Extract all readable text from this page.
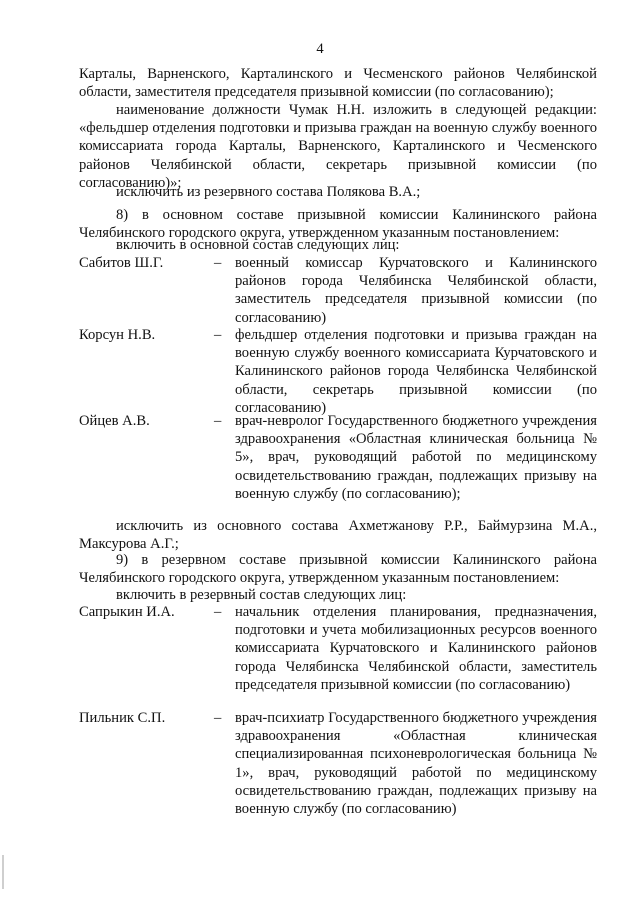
4

Карталы, Варненского, Карталинского и Чесменского районов Челябинской области, заместителя председателя призывной комиссии (по согласованию);

наименование должности Чумак Н.Н. изложить в следующей редакции: «фельдшер отделения подготовки и призыва граждан на военную службу военного комиссариата города Карталы, Варненского, Карталинского и Чесменского районов Челябинской области, секретарь призывной комиссии (по согласованию)»;

исключить из резервного состава Полякова В.А.;

8) в основном составе призывной комиссии Калининского района Челябинского городского округа, утвержденном указанным постановлением:

включить в основной состав следующих лиц:

Сабитов Ш.Г.	– военный комиссар Курчатовского и Калининского районов города Челябинска Челябинской области, заместитель председателя призывной комиссии (по согласованию)
Корсун Н.В.	– фельдшер отделения подготовки и призыва граждан на военную службу военного комиссариата Курчатовского и Калининского районов города Челябинска Челябинской области, секретарь призывной комиссии (по согласованию)
Ойцев А.В.	– врач-невролог Государственного бюджетного учреждения здравоохранения «Областная клиническая больница № 5», врач, руководящий работой по медицинскому освидетельствованию граждан, подлежащих призыву на военную службу (по согласованию);

исключить из основного состава Ахметжанову Р.Р., Баймурзина М.А., Максурова А.Г.;

9) в резервном составе призывной комиссии Калининского района Челябинского городского округа, утвержденном указанным постановлением:

включить в резервный состав следующих лиц:

Сапрыкин И.А.	– начальник отделения планирования, предназначения, подготовки и учета мобилизационных ресурсов военного комиссариата Курчатовского и Калининского районов города Челябинска Челябинской области, заместитель председателя призывной комиссии (по согласованию)
Пильник С.П.	– врач-психиатр Государственного бюджетного учреждения здравоохранения «Областная клиническая специализированная психоневрологическая больница № 1», врач, руководящий работой по медицинскому освидетельствованию граждан, подлежащих призыву на военную службу (по согласованию)
